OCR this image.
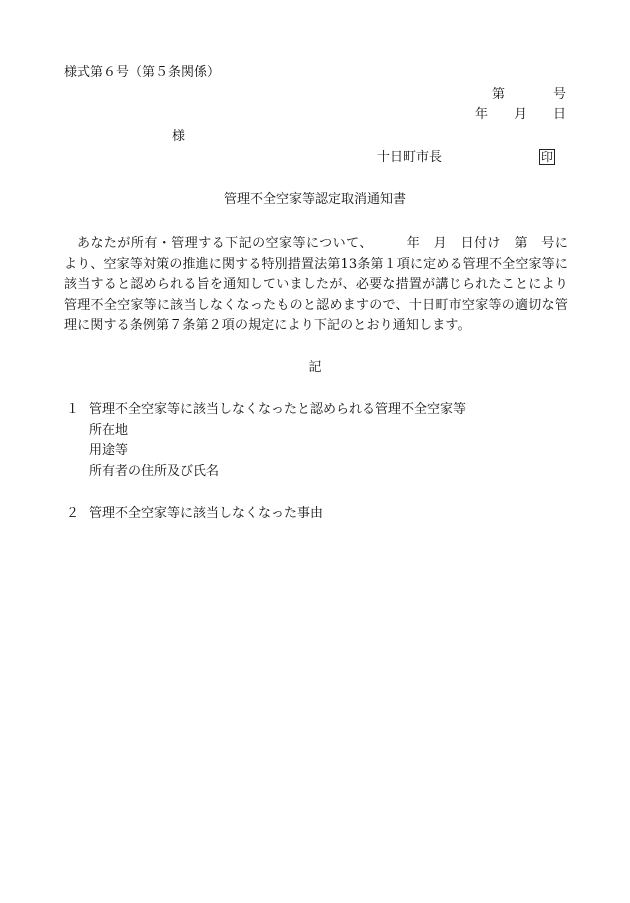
様式第６号（第５条関係）
第	号
年 月 日
様
十日町市長	印
管理不全空家等認定取消通知書
あなたが所有・管理する下記の空家等について、　　　年　月　日付け　第　号により、空家等対策の推進に関する特別措置法第13条第１項に定める管理不全空家等に該当すると認められる旨を通知していましたが、必要な措置が講じられたことにより管理不全空家等に該当しなくなったものと認めますので、十日町市空家等の適切な管理に関する条例第７条第２項の規定により下記のとおり通知します。
記
１ 管理不全空家等に該当しなくなったと認められる管理不全空家等
所在地
用途等
所有者の住所及び氏名
２ 管理不全空家等に該当しなくなった事由
